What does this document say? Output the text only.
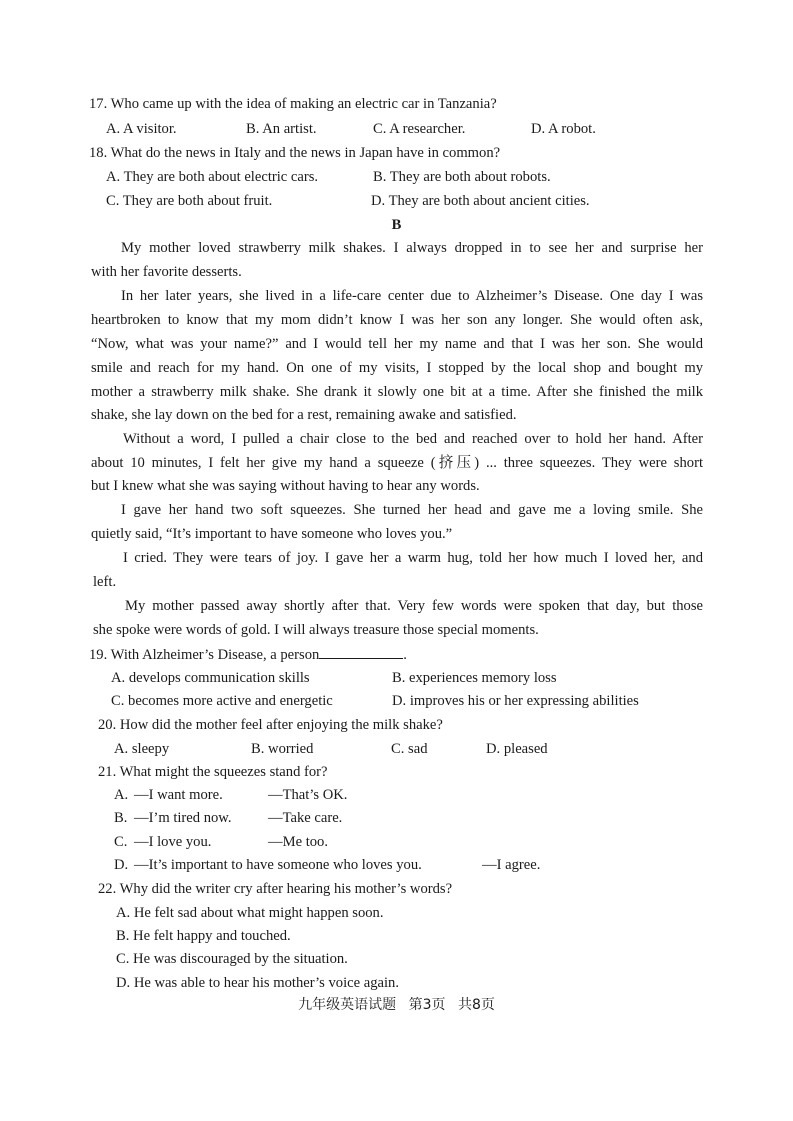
17. Who came up with the idea of making an electric car in Tanzania?
A. A visitor.	B. An artist.	C. A researcher.	D. A robot.
18. What do the news in Italy and the news in Japan have in common?
A. They are both about electric cars.	B. They are both about robots.
C. They are both about fruit.	D. They are both about ancient cities.
B
My mother loved strawberry milk shakes. I always dropped in to see her and surprise her
with her favorite desserts.
In her later years, she lived in a life-care center due to Alzheimer’s Disease. One day I was
heartbroken to know that my mom didn’t know I was her son any longer. She would often ask,
“Now, what was your name?” and I would tell her my name and that I was her son. She would
smile and reach for my hand. On one of my visits, I stopped by the local shop and bought my
mother a strawberry milk shake. She drank it slowly one bit at a time. After she finished the milk
shake, she lay down on the bed for a rest, remaining awake and satisfied.
Without a word, I pulled a chair close to the bed and reached over to hold her hand. After
about 10 minutes, I felt her give my hand a squeeze (挤压) ... three squeezes. They were short
but I knew what she was saying without having to hear any words.
I gave her hand two soft squeezes. She turned her head and gave me a loving smile. She
quietly said, “It’s important to have someone who loves you.”
I cried. They were tears of joy. I gave her a warm hug, told her how much I loved her, and
left.
My mother passed away shortly after that. Very few words were spoken that day, but those
she spoke were words of gold. I will always treasure those special moments.
19. With Alzheimer’s Disease, a person	.
A. develops communication skills	B. experiences memory loss
C. becomes more active and energetic	D. improves his or her expressing abilities
20. How did the mother feel after enjoying the milk shake?
A. sleepy	B. worried	C. sad	D. pleased
21. What might the squeezes stand for?
A. —I want more.	—That’s OK.
B. —I’m tired now. —Take care.
C. —I love you.	—Me too.
D. —It’s important to have someone who loves you.	—I agree.
22. Why did the writer cry after hearing his mother’s words?
A. He felt sad about what might happen soon.
B. He felt happy and touched.
C. He was discouraged by the situation.
D. He was able to hear his mother’s voice again.
九年级英语试题 第3页 共8页
